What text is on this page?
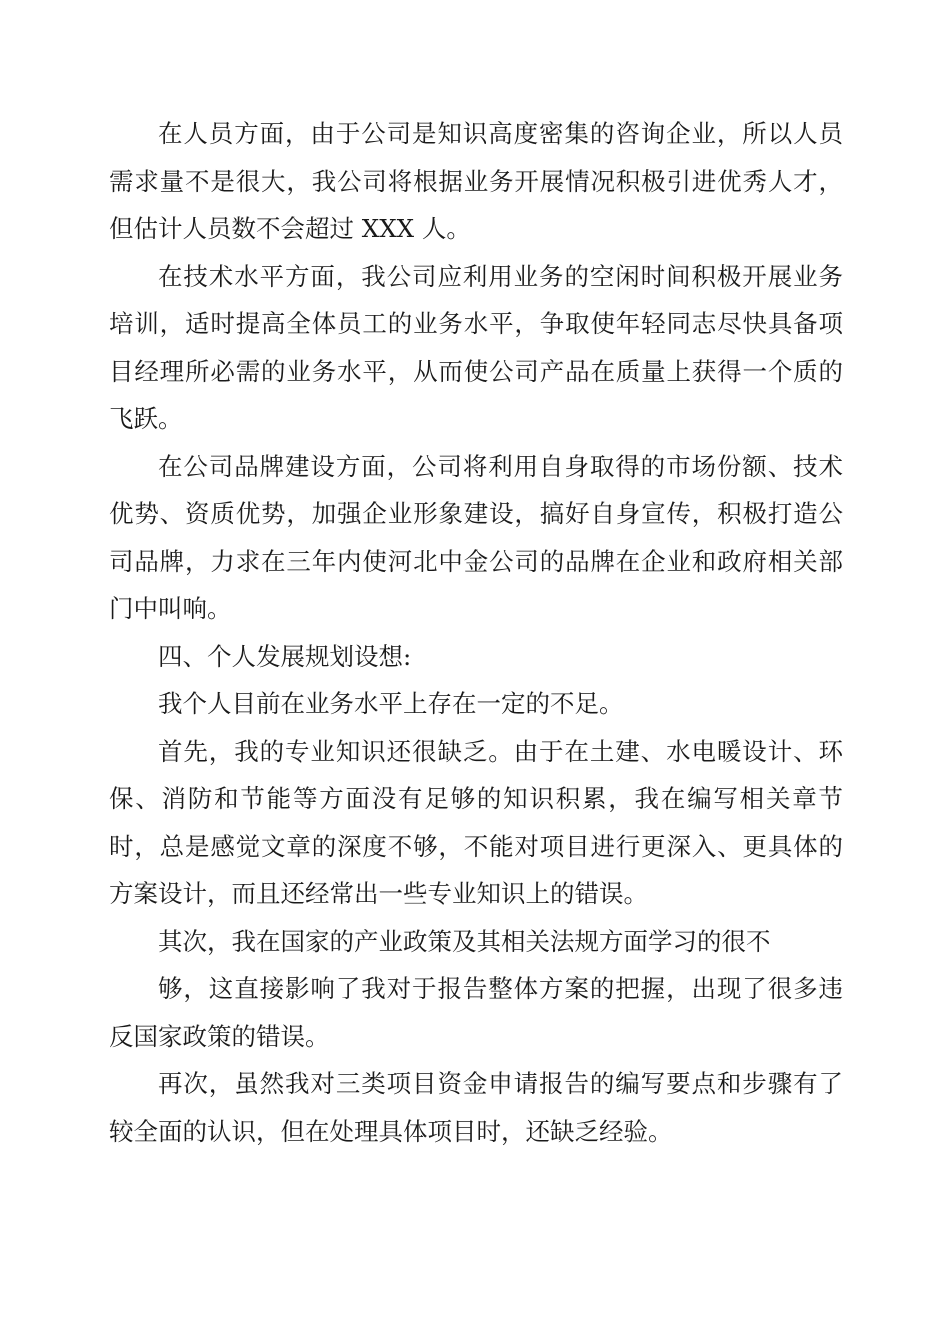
在人员方面，由于公司是知识高度密集的咨询企业，所以人员需求量不是很大，我公司将根据业务开展情况积极引进优秀人才，但估计人员数不会超过 XXX 人。

在技术水平方面，我公司应利用业务的空闲时间积极开展业务培训，适时提高全体员工的业务水平，争取使年轻同志尽快具备项目经理所必需的业务水平，从而使公司产品在质量上获得一个质的飞跃。

在公司品牌建设方面，公司将利用自身取得的市场份额、技术优势、资质优势，加强企业形象建设，搞好自身宣传，积极打造公司品牌，力求在三年内使河北中金公司的品牌在企业和政府相关部门中叫响。

四、个人发展规划设想:

我个人目前在业务水平上存在一定的不足。

首先，我的专业知识还很缺乏。由于在土建、水电暖设计、环保、消防和节能等方面没有足够的知识积累，我在编写相关章节时，总是感觉文章的深度不够，不能对项目进行更深入、更具体的方案设计，而且还经常出一些专业知识上的错误。

其次，我在国家的产业政策及其相关法规方面学习的很不

够，这直接影响了我对于报告整体方案的把握，出现了很多违反国家政策的错误。

再次，虽然我对三类项目资金申请报告的编写要点和步骤有了较全面的认识，但在处理具体项目时，还缺乏经验。
